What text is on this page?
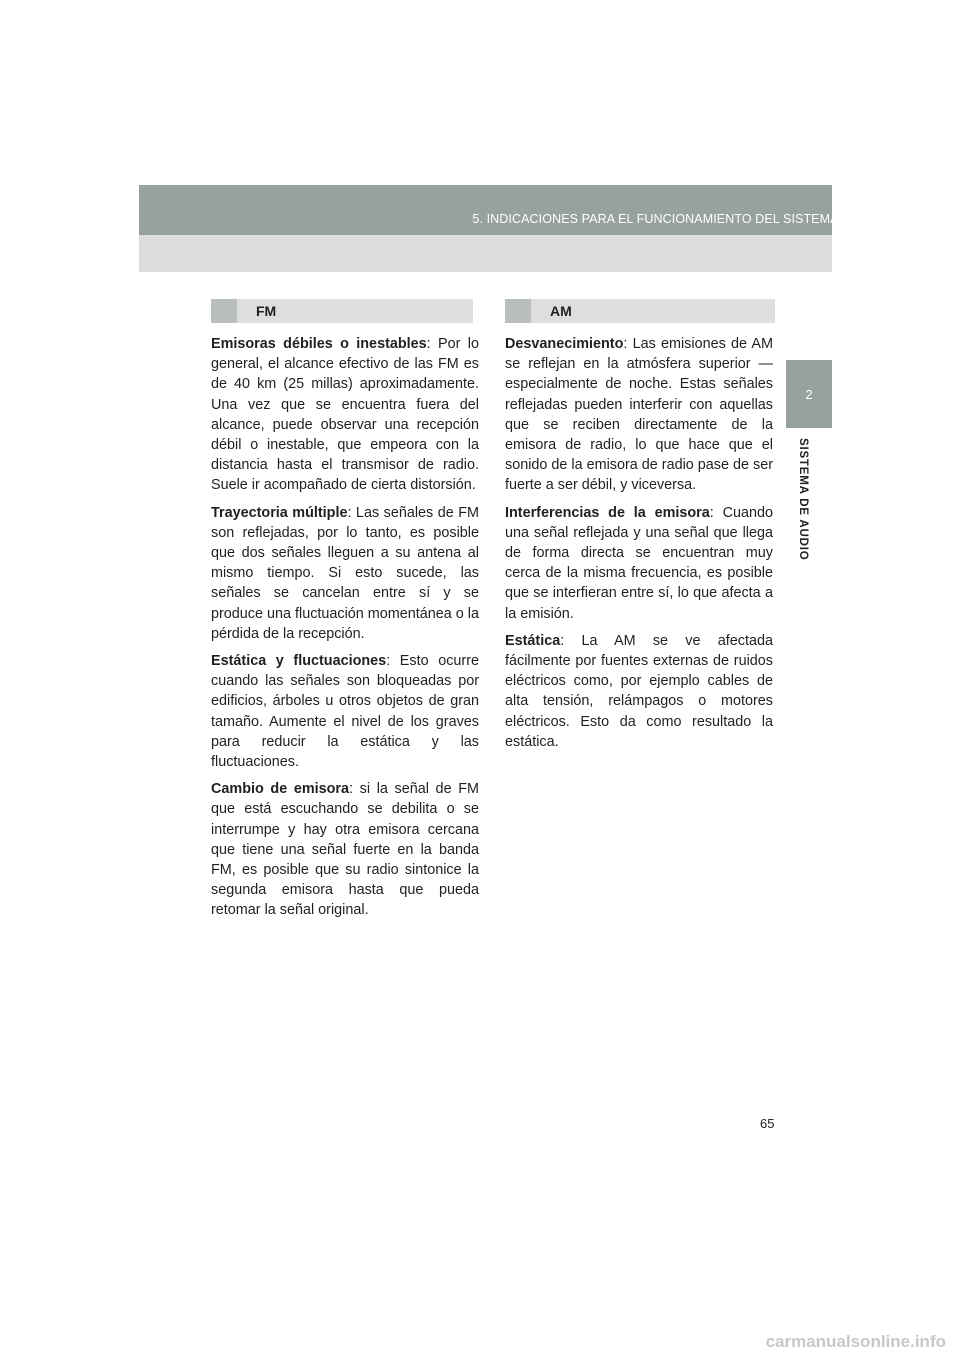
5. INDICACIONES PARA EL FUNCIONAMIENTO DEL SISTEMA DE AUDIO
2
SISTEMA DE AUDIO
FM

Emisoras débiles o inestables: Por lo general, el alcance efectivo de las FM es de 40 km (25 millas) aproximadamente. Una vez que se encuentra fuera del alcance, puede observar una recepción débil o inestable, que empeora con la distancia hasta el transmisor de radio. Suele ir acompañado de cierta distorsión.

Trayectoria múltiple: Las señales de FM son reflejadas, por lo tanto, es posible que dos señales lleguen a su antena al mismo tiempo. Si esto sucede, las señales se cancelan entre sí y se produce una fluctuación momentánea o la pérdida de la recepción.

Estática y fluctuaciones: Esto ocurre cuando las señales son bloqueadas por edificios, árboles u otros objetos de gran tamaño. Aumente el nivel de los graves para reducir la estática y las fluctuaciones.

Cambio de emisora: si la señal de FM que está escuchando se debilita o se interrumpe y hay otra emisora cercana que tiene una señal fuerte en la banda FM, es posible que su radio sintonice la segunda emisora hasta que pueda retomar la señal original.

AM

Desvanecimiento: Las emisiones de AM se reflejan en la atmósfera superior — especialmente de noche. Estas señales reflejadas pueden interferir con aquellas que se reciben directamente de la emisora de radio, lo que hace que el sonido de la emisora de radio pase de ser fuerte a ser débil, y viceversa.

Interferencias de la emisora: Cuando una señal reflejada y una señal que llega de forma directa se encuentran muy cerca de la misma frecuencia, es posible que se interfieran entre sí, lo que afecta a la emisión.

Estática: La AM se ve afectada fácilmente por fuentes externas de ruidos eléctricos como, por ejemplo cables de alta tensión, relámpagos o motores eléctricos. Esto da como resultado la estática.

65
carmanualsonline.info
